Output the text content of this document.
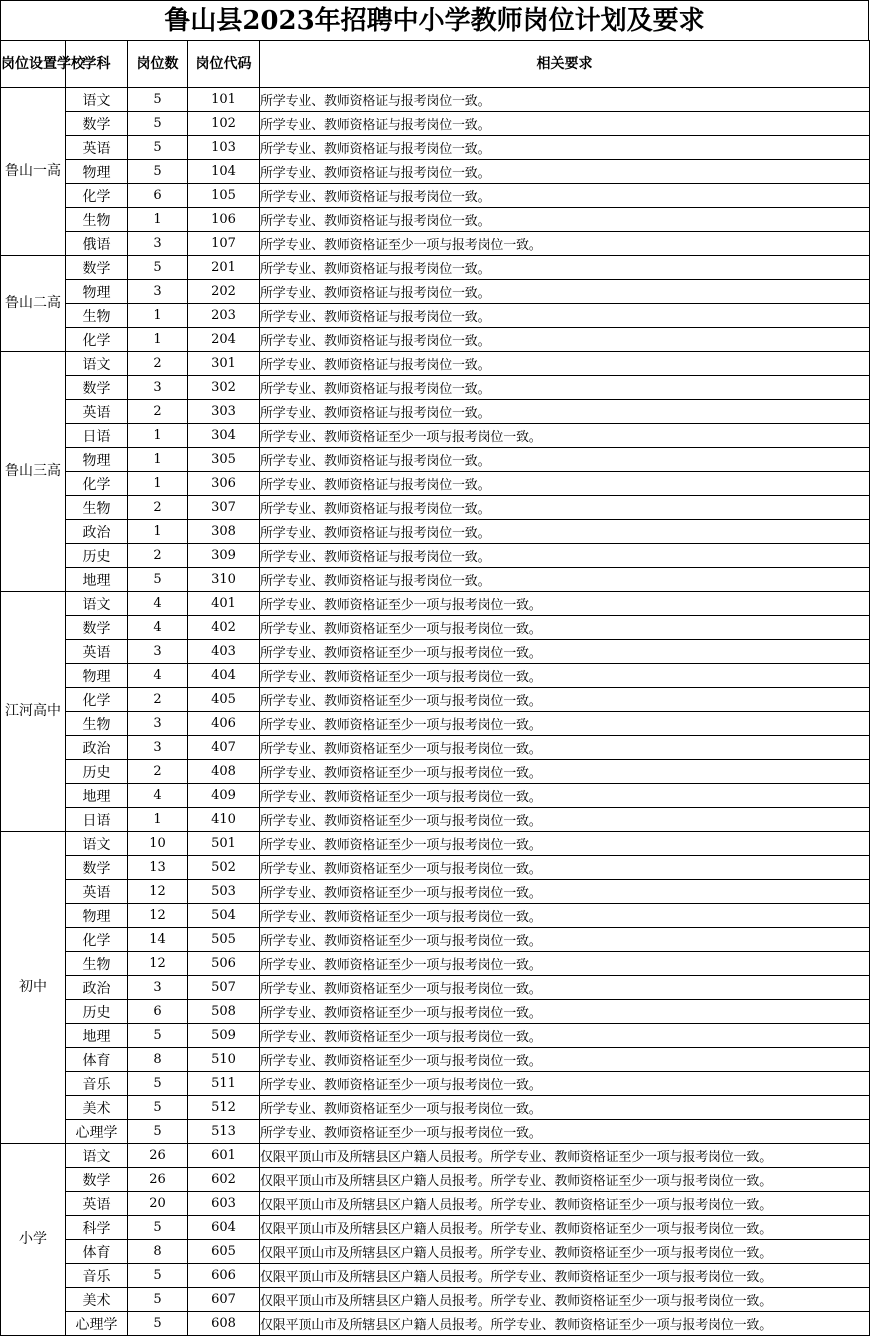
鲁山县2023年招聘中小学教师岗位计划及要求
岗位设置学校	学科	岗位数	岗位代码	相关要求
鲁山一高	语文	5	101	所学专业、教师资格证与报考岗位一致。
	数学	5	102	所学专业、教师资格证与报考岗位一致。
	英语	5	103	所学专业、教师资格证与报考岗位一致。
	物理	5	104	所学专业、教师资格证与报考岗位一致。
	化学	6	105	所学专业、教师资格证与报考岗位一致。
	生物	1	106	所学专业、教师资格证与报考岗位一致。
	俄语	3	107	所学专业、教师资格证至少一项与报考岗位一致。
鲁山二高	数学	5	201	所学专业、教师资格证与报考岗位一致。
	物理	3	202	所学专业、教师资格证与报考岗位一致。
	生物	1	203	所学专业、教师资格证与报考岗位一致。
	化学	1	204	所学专业、教师资格证与报考岗位一致。
鲁山三高	语文	2	301	所学专业、教师资格证与报考岗位一致。
	数学	3	302	所学专业、教师资格证与报考岗位一致。
	英语	2	303	所学专业、教师资格证与报考岗位一致。
	日语	1	304	所学专业、教师资格证至少一项与报考岗位一致。
	物理	1	305	所学专业、教师资格证与报考岗位一致。
	化学	1	306	所学专业、教师资格证与报考岗位一致。
	生物	2	307	所学专业、教师资格证与报考岗位一致。
	政治	1	308	所学专业、教师资格证与报考岗位一致。
	历史	2	309	所学专业、教师资格证与报考岗位一致。
	地理	5	310	所学专业、教师资格证与报考岗位一致。
江河高中	语文	4	401	所学专业、教师资格证至少一项与报考岗位一致。
	数学	4	402	所学专业、教师资格证至少一项与报考岗位一致。
	英语	3	403	所学专业、教师资格证至少一项与报考岗位一致。
	物理	4	404	所学专业、教师资格证至少一项与报考岗位一致。
	化学	2	405	所学专业、教师资格证至少一项与报考岗位一致。
	生物	3	406	所学专业、教师资格证至少一项与报考岗位一致。
	政治	3	407	所学专业、教师资格证至少一项与报考岗位一致。
	历史	2	408	所学专业、教师资格证至少一项与报考岗位一致。
	地理	4	409	所学专业、教师资格证至少一项与报考岗位一致。
	日语	1	410	所学专业、教师资格证至少一项与报考岗位一致。
初中	语文	10	501	所学专业、教师资格证至少一项与报考岗位一致。
	数学	13	502	所学专业、教师资格证至少一项与报考岗位一致。
	英语	12	503	所学专业、教师资格证至少一项与报考岗位一致。
	物理	12	504	所学专业、教师资格证至少一项与报考岗位一致。
	化学	14	505	所学专业、教师资格证至少一项与报考岗位一致。
	生物	12	506	所学专业、教师资格证至少一项与报考岗位一致。
	政治	3	507	所学专业、教师资格证至少一项与报考岗位一致。
	历史	6	508	所学专业、教师资格证至少一项与报考岗位一致。
	地理	5	509	所学专业、教师资格证至少一项与报考岗位一致。
	体育	8	510	所学专业、教师资格证至少一项与报考岗位一致。
	音乐	5	511	所学专业、教师资格证至少一项与报考岗位一致。
	美术	5	512	所学专业、教师资格证至少一项与报考岗位一致。
	心理学	5	513	所学专业、教师资格证至少一项与报考岗位一致。
小学	语文	26	601	仅限平顶山市及所辖县区户籍人员报考。所学专业、教师资格证至少一项与报考岗位一致。
	数学	26	602	仅限平顶山市及所辖县区户籍人员报考。所学专业、教师资格证至少一项与报考岗位一致。
	英语	20	603	仅限平顶山市及所辖县区户籍人员报考。所学专业、教师资格证至少一项与报考岗位一致。
	科学	5	604	仅限平顶山市及所辖县区户籍人员报考。所学专业、教师资格证至少一项与报考岗位一致。
	体育	8	605	仅限平顶山市及所辖县区户籍人员报考。所学专业、教师资格证至少一项与报考岗位一致。
	音乐	5	606	仅限平顶山市及所辖县区户籍人员报考。所学专业、教师资格证至少一项与报考岗位一致。
	美术	5	607	仅限平顶山市及所辖县区户籍人员报考。所学专业、教师资格证至少一项与报考岗位一致。
	心理学	5	608	仅限平顶山市及所辖县区户籍人员报考。所学专业、教师资格证至少一项与报考岗位一致。
